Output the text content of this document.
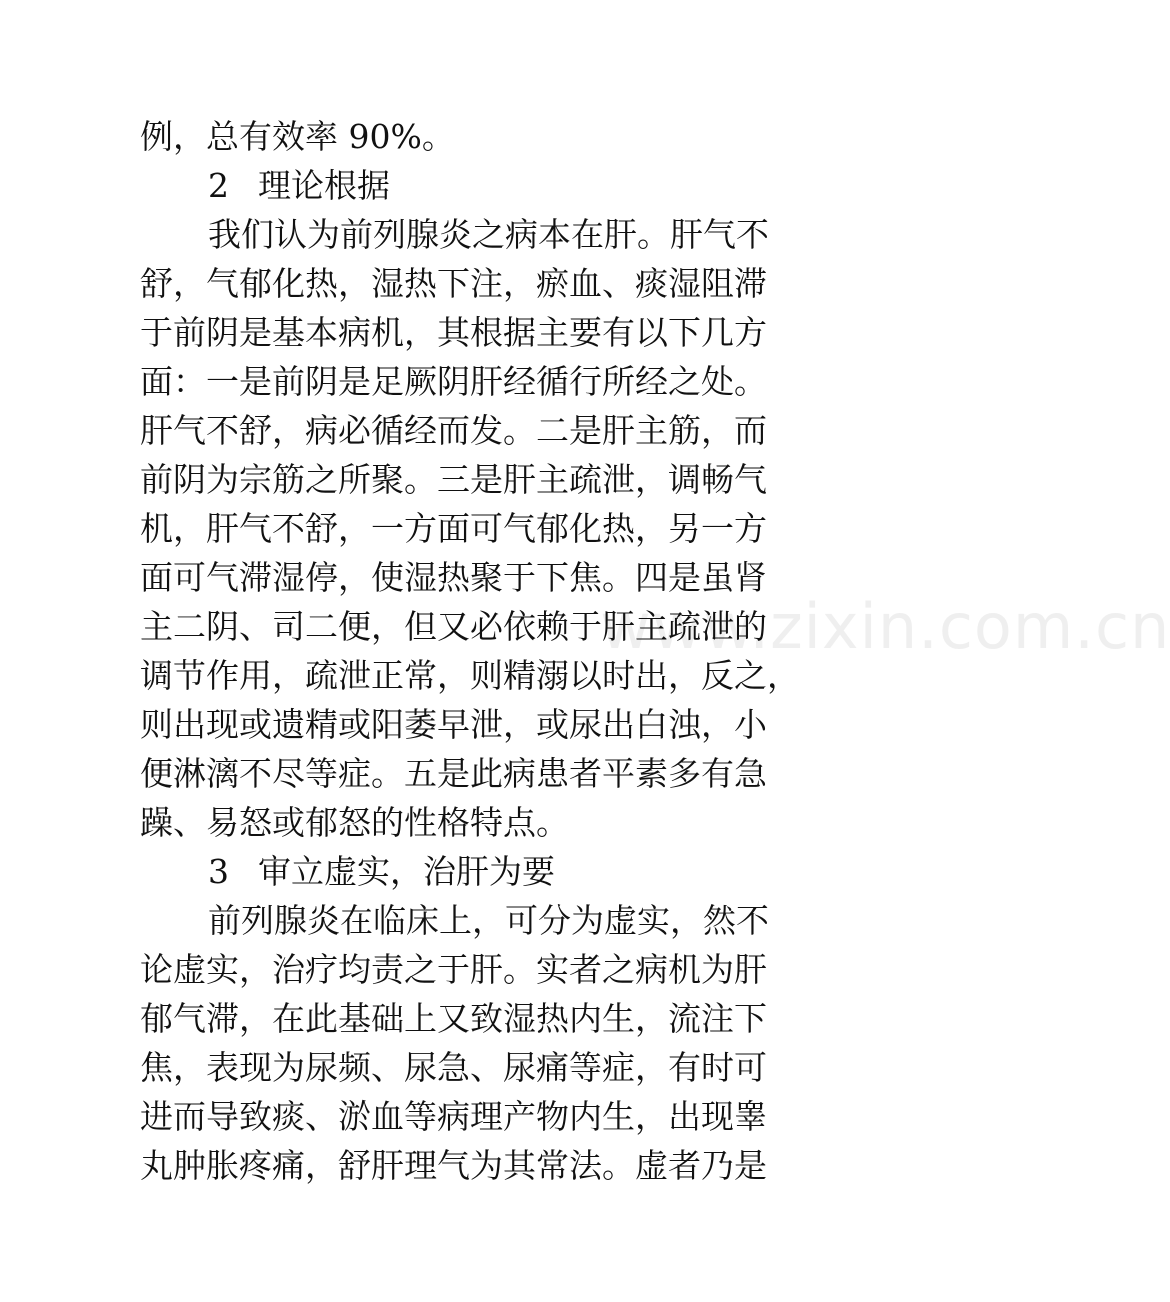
www.zixin.com.cn
例，总有效率 90%。
2 理论根据
我们认为前列腺炎之病本在肝。肝气不
舒，气郁化热，湿热下注，瘀血、痰湿阻滞
于前阴是基本病机，其根据主要有以下几方
面：一是前阴是足厥阴肝经循行所经之处。
肝气不舒，病必循经而发。二是肝主筋，而
前阴为宗筋之所聚。三是肝主疏泄，调畅气
机，肝气不舒，一方面可气郁化热，另一方
面可气滞湿停，使湿热聚于下焦。四是虽肾
主二阴、司二便，但又必依赖于肝主疏泄的
调节作用，疏泄正常，则精溺以时出，反之，
则出现或遗精或阳萎早泄，或尿出白浊，小
便淋漓不尽等症。五是此病患者平素多有急
躁、易怒或郁怒的性格特点。
3 审立虚实，治肝为要
前列腺炎在临床上，可分为虚实，然不
论虚实，治疗均责之于肝。实者之病机为肝
郁气滞，在此基础上又致湿热内生，流注下
焦，表现为尿频、尿急、尿痛等症，有时可
进而导致痰、淤血等病理产物内生，出现睾
丸肿胀疼痛，舒肝理气为其常法。虚者乃是
